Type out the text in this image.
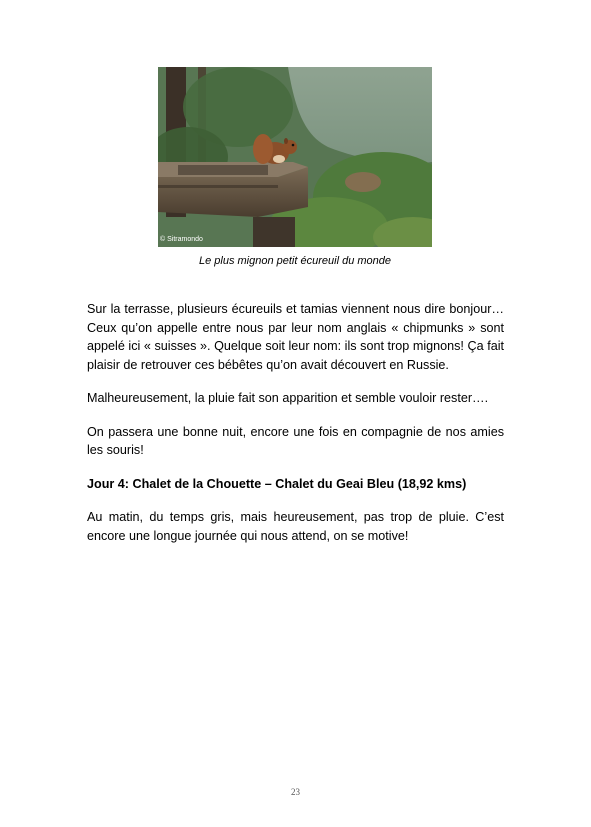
© Sitramondo
Le plus mignon petit écureuil du monde

Sur la terrasse, plusieurs écureuils et tamias viennent nous dire bonjour… Ceux qu’on appelle entre nous par leur nom anglais « chipmunks » sont appelé ici « suisses ». Quelque soit leur nom: ils sont trop mignons! Ça fait plaisir de retrouver ces bébêtes qu’on avait découvert en Russie.

Malheureusement, la pluie fait son apparition et semble vouloir rester….

On passera une bonne nuit, encore une fois en compagnie de nos amies les souris!

Jour 4: Chalet de la Chouette – Chalet du Geai Bleu (18,92 kms)

Au matin, du temps gris, mais heureusement, pas trop de pluie. C’est encore une longue journée qui nous attend, on se motive!

23
